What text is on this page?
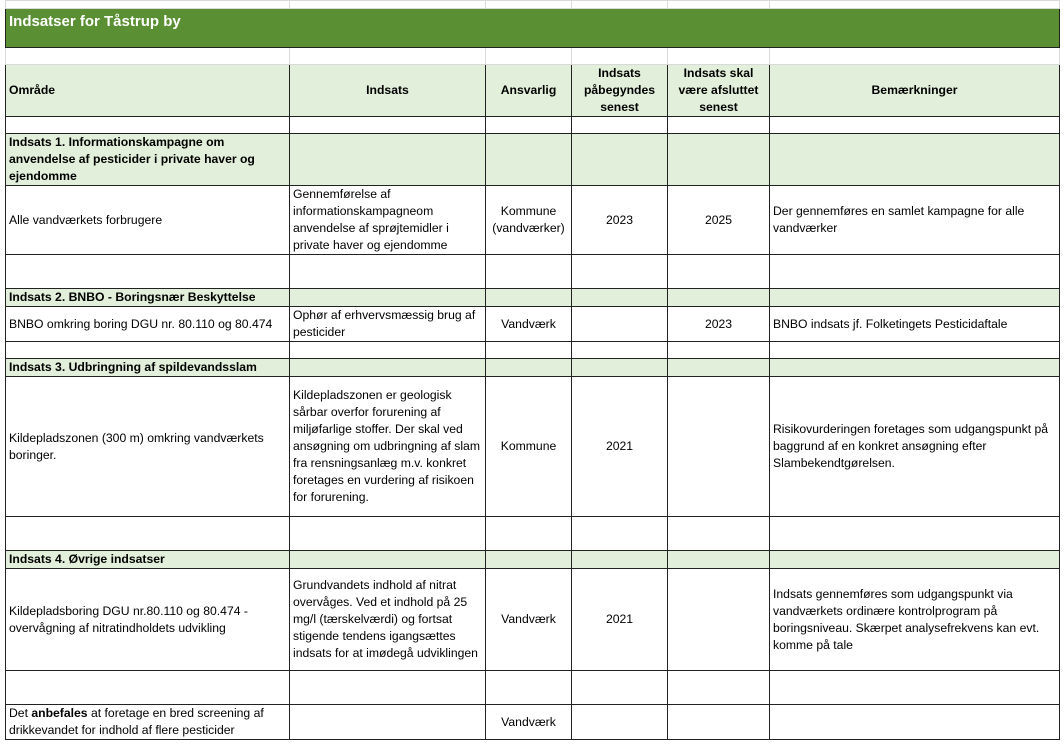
Indsatser for Tåstrup by					

Område	Indsats	Ansvarlig	Indsats påbegyndes senest	Indsats skal være afsluttet senest	Bemærkninger

Indsats 1. Informationskampagne om anvendelse af pesticider i private haver og ejendomme					
Alle vandværkets forbrugere	Gennemførelse af informationskampagneom anvendelse af sprøjtemidler i private haver og ejendomme	Kommune (vandværker)	2023	2025	Der gennemføres en samlet kampagne for alle vandværker

Indsats 2. BNBO - Boringsnær Beskyttelse					
BNBO omkring boring DGU nr. 80.110 og 80.474	Ophør af erhvervsmæssig brug af pesticider	Vandværk		2023	BNBO indsats jf. Folketingets Pesticidaftale

Indsats 3. Udbringning af spildevandsslam					
Kildepladszonen (300 m) omkring vandværkets boringer.	Kildepladszonen er geologisk sårbar overfor forurening af miljøfarlige stoffer. Der skal ved ansøgning om udbringning af slam fra rensningsanlæg m.v. konkret foretages en vurdering af risikoen for forurening.	Kommune	2021		Risikovurderingen foretages som udgangspunkt på baggrund af en konkret ansøgning efter Slambekendtgørelsen.

Indsats 4. Øvrige indsatser					
Kildepladsboring DGU nr.80.110 og 80.474 - overvågning af nitratindholdets udvikling	Grundvandets indhold af nitrat overvåges. Ved et indhold på 25 mg/l (tærskelværdi) og fortsat stigende tendens igangsættes indsats for at imødegå udviklingen	Vandværk	2021		Indsats gennemføres som udgangspunkt via vandværkets ordinære kontrolprogram på boringsniveau. Skærpet analysefrekvens kan evt. komme på tale

Det anbefales at foretage en bred screening af drikkevandet for indhold af flere pesticider		Vandværk			
